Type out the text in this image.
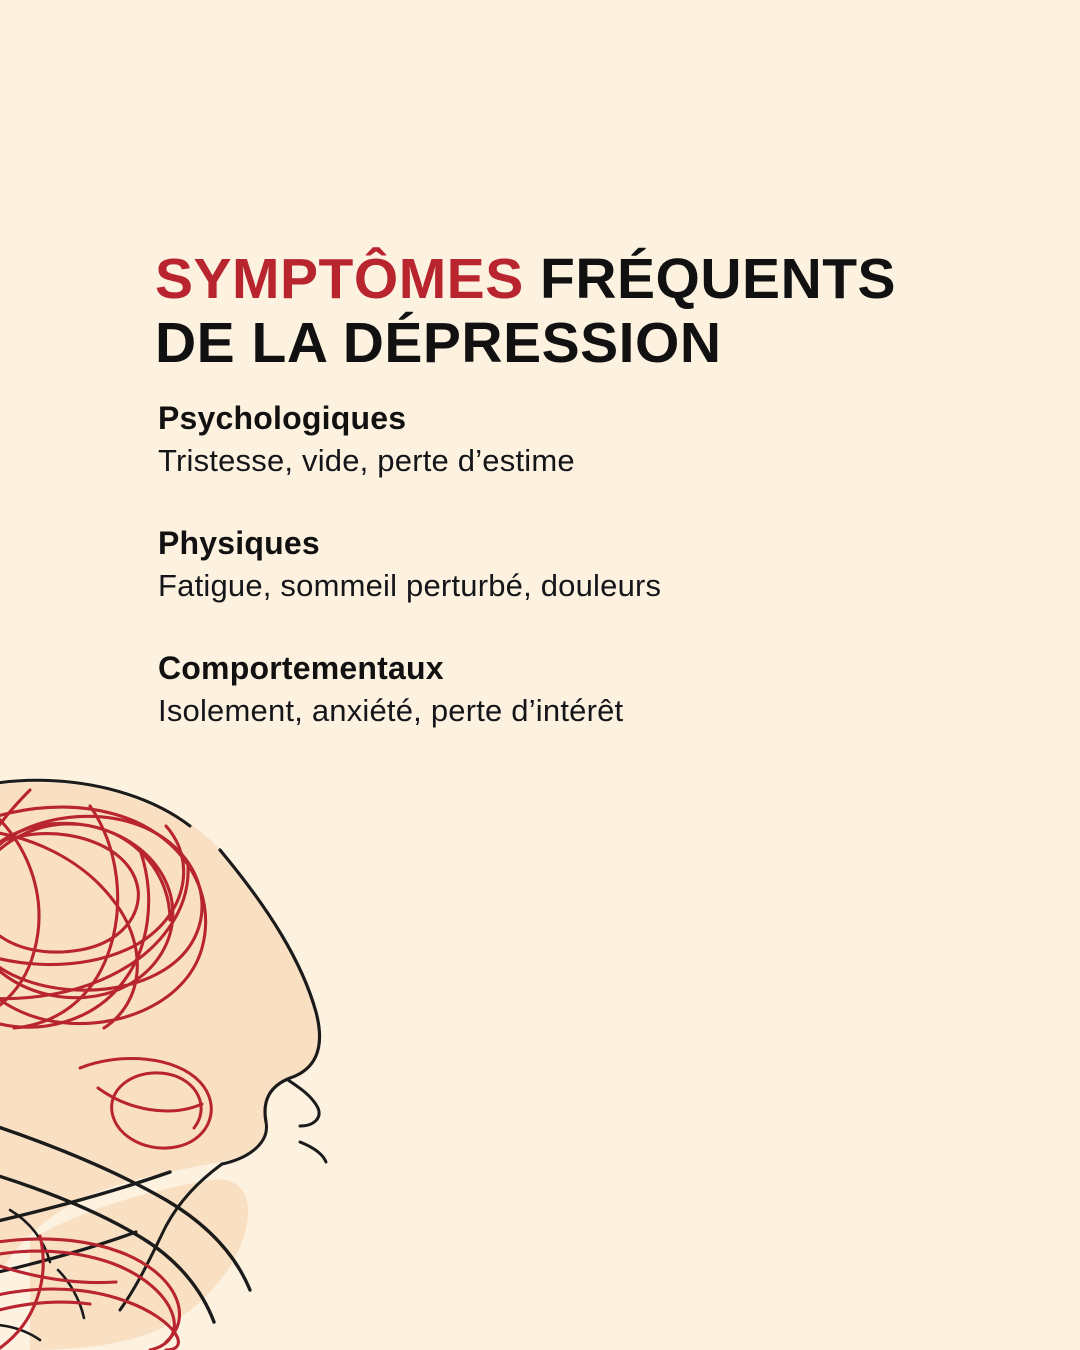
SYMPTÔMES FRÉQUENTS DE LA DÉPRESSION
Psychologiques
Tristesse, vide, perte d’estime
Physiques
Fatigue, sommeil perturbé, douleurs
Comportementaux
Isolement, anxiété, perte d’intérêt
